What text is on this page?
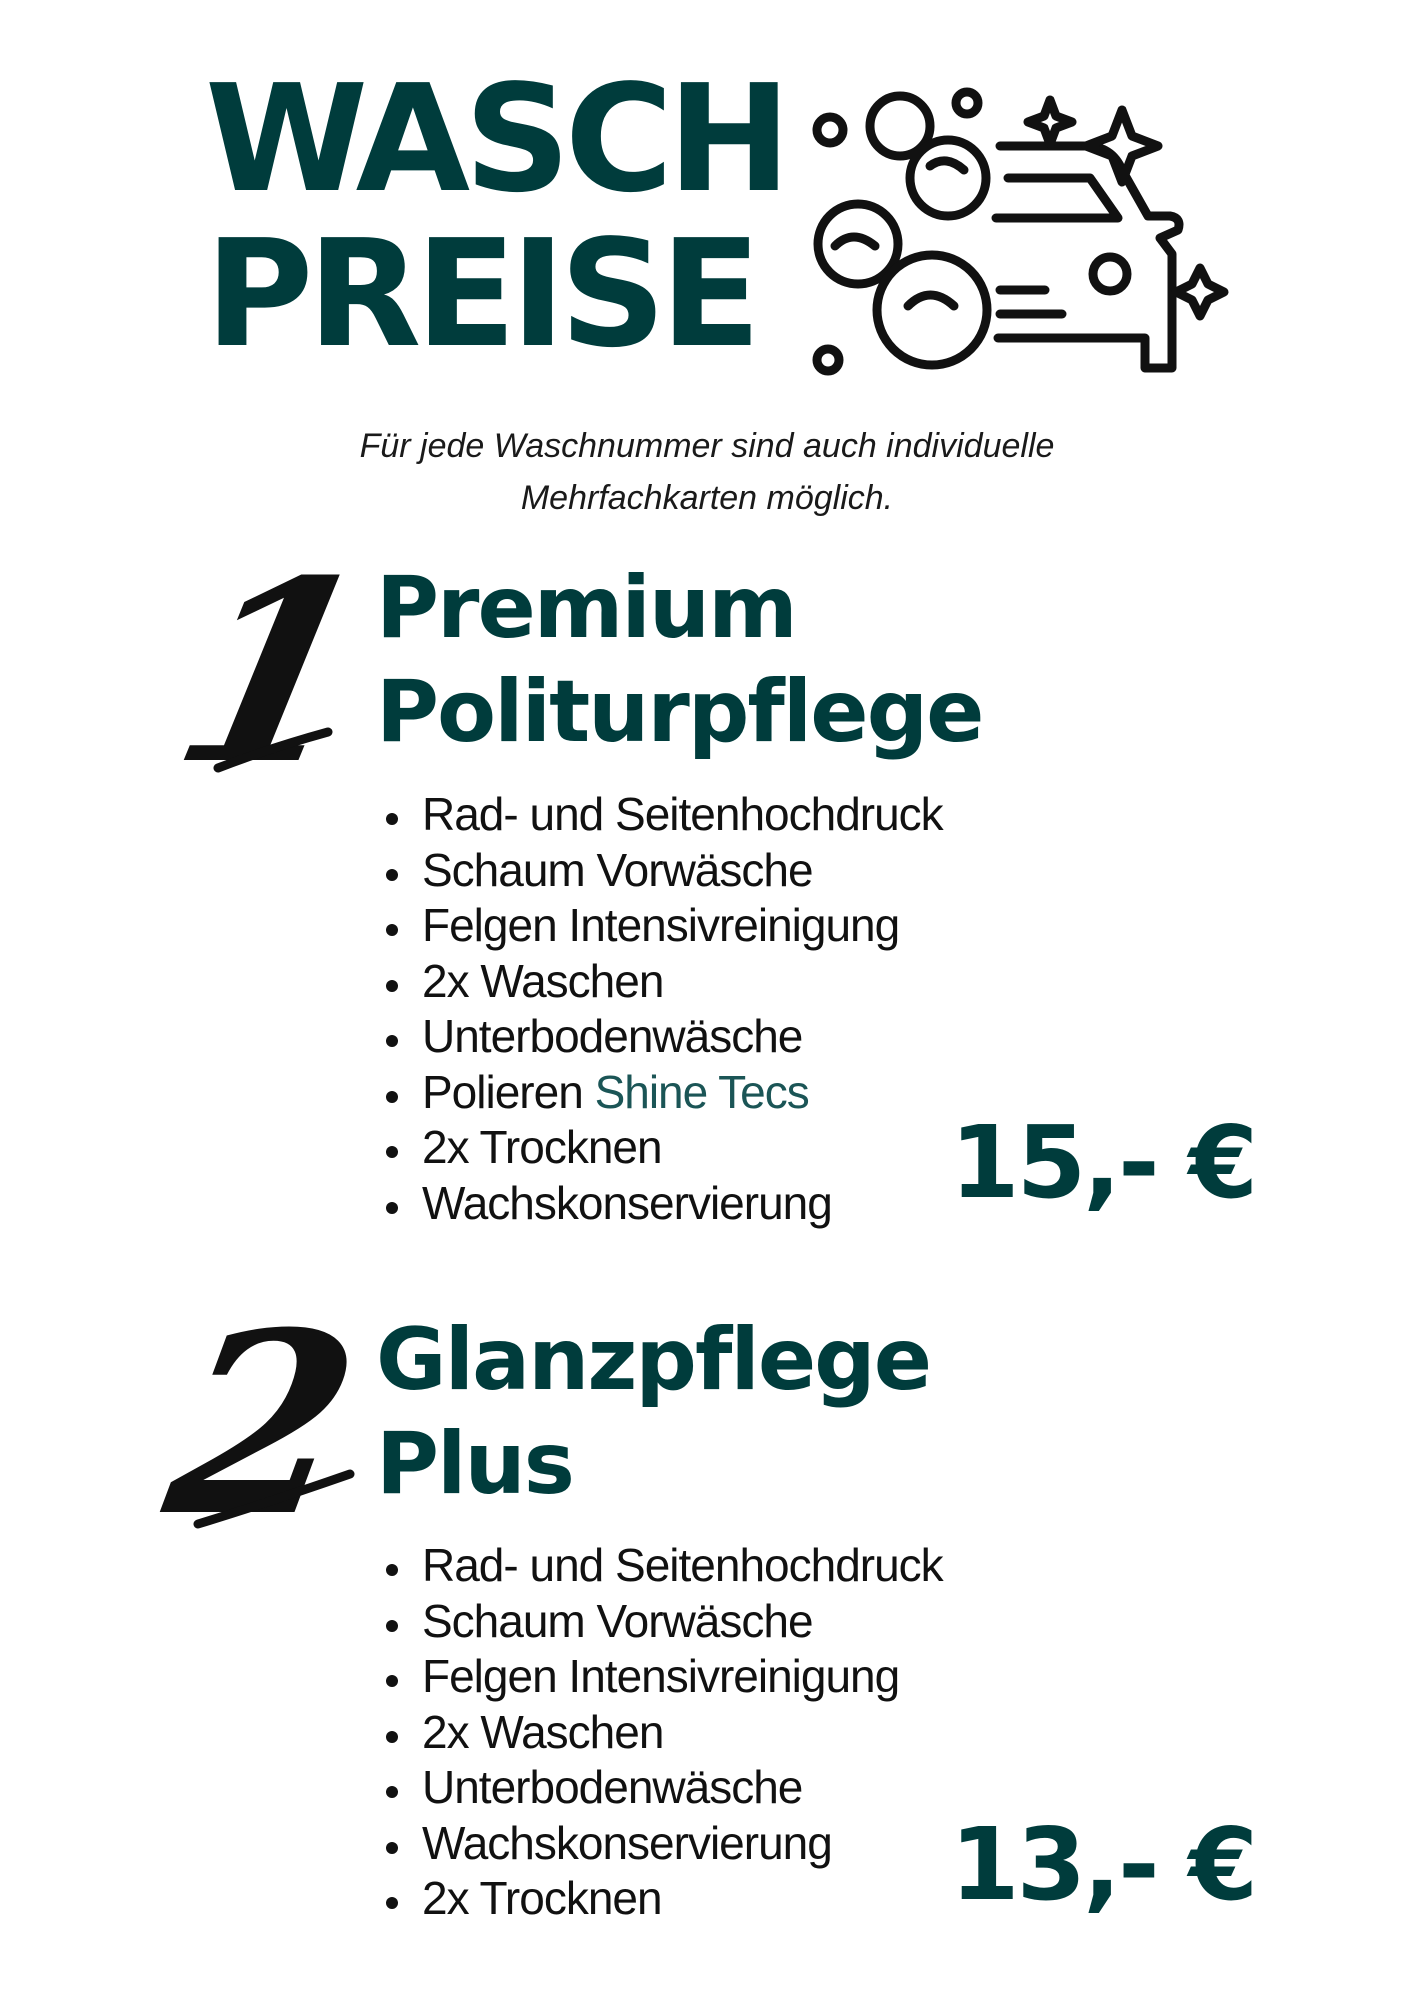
WASCH
PREISE
Für jede Waschnummer sind auch individuelle
Mehrfachkarten möglich.
1
Premium
Politurpflege
• Rad- und Seitenhochdruck
• Schaum Vorwäsche
• Felgen Intensivreinigung
• 2x Waschen
• Unterbodenwäsche
• Polieren Shine Tecs
• 2x Trocknen
• Wachskonservierung	15,- €
2 Glanzpflege
Plus
• Rad- und Seitenhochdruck
• Schaum Vorwäsche
• Felgen Intensivreinigung
• 2x Waschen
• Unterbodenwäsche
• Wachskonservierung
• 2x Trocknen	13,- €
